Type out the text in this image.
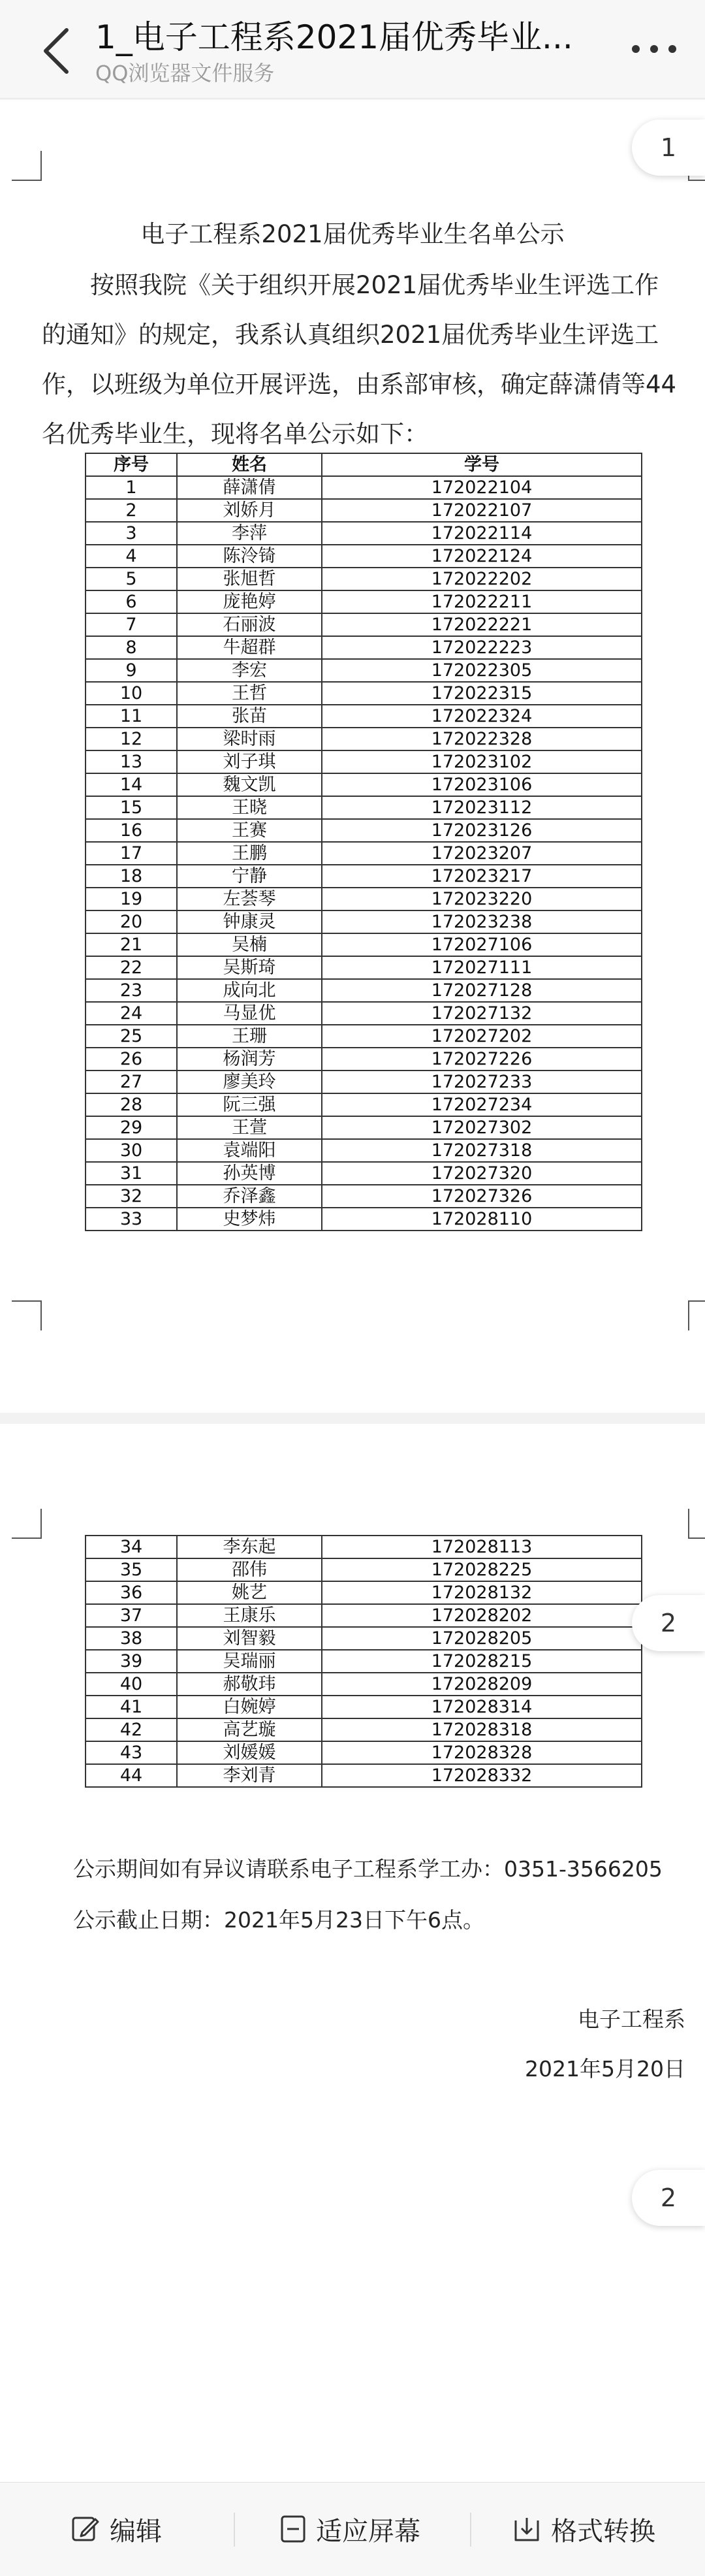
1_电子工程系2021届优秀毕业...
QQ浏览器文件服务
电子工程系2021届优秀毕业生名单公示
按照我院《关于组织开展2021届优秀毕业生评选工作的通知》的规定，我系认真组织2021届优秀毕业生评选工作，以班级为单位开展评选，由系部审核，确定薛潇倩等44名优秀毕业生，现将名单公示如下：
序号	姓名	学号
1	薛潇倩	172022104
2	刘娇月	172022107
3	李萍	172022114
4	陈泠锜	172022124
5	张旭哲	172022202
6	庞艳婷	172022211
7	石丽波	172022221
8	牛超群	172022223
9	李宏	172022305
10	王哲	172022315
11	张苗	172022324
12	梁时雨	172022328
13	刘子琪	172023102
14	魏文凯	172023106
15	王晓	172023112
16	王赛	172023126
17	王鹏	172023207
18	宁静	172023217
19	左荟琴	172023220
20	钟康灵	172023238
21	吴楠	172027106
22	吴斯琦	172027111
23	成向北	172027128
24	马显优	172027132
25	王珊	172027202
26	杨润芳	172027226
27	廖美玲	172027233
28	阮三强	172027234
29	王萱	172027302
30	袁端阳	172027318
31	孙英博	172027320
32	乔泽鑫	172027326
33	史梦炜	172028110
1
34	李东起	172028113
35	邵伟	172028225
36	姚艺	172028132
37	王康乐	172028202
38	刘智毅	172028205
39	吴瑞丽	172028215
40	郝敬玮	172028209
41	白婉婷	172028314
42	高艺璇	172028318
43	刘媛媛	172028328
44	李刘青	172028332
公示期间如有异议请联系电子工程系学工办：0351-3566205
公示截止日期：2021年5月23日下午6点。
电子工程系
2021年5月20日
2
2
编辑	适应屏幕	格式转换
